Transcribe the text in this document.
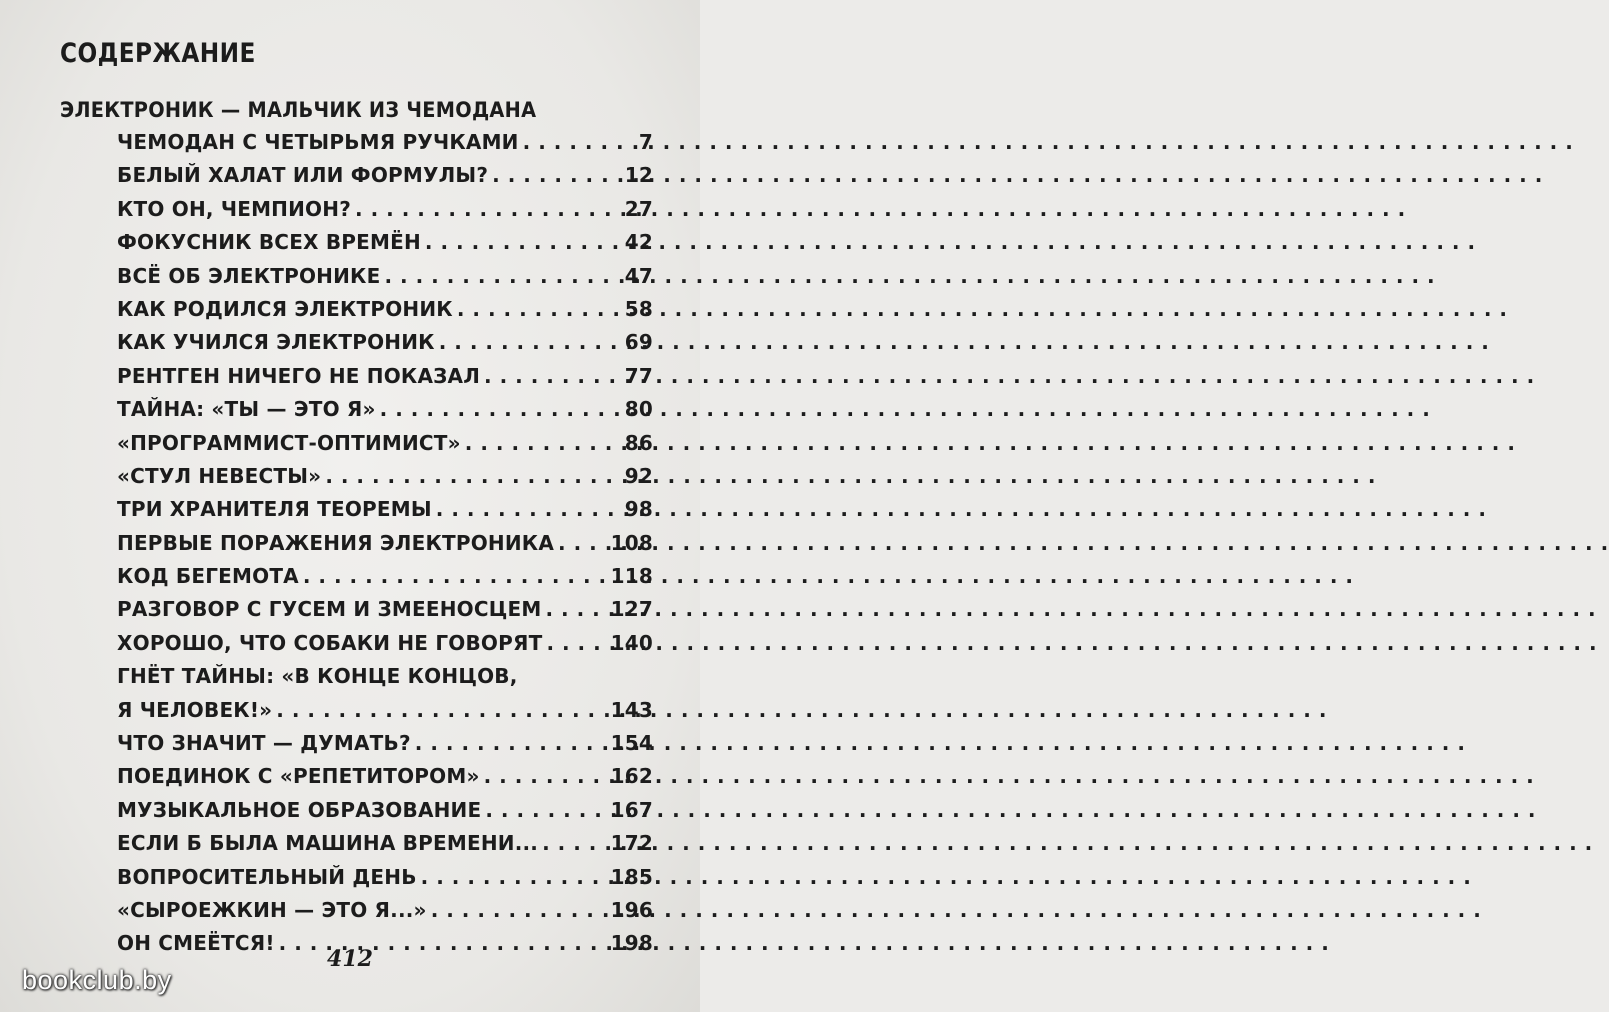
СОДЕРЖАНИЕ
ЭЛЕКТРОНИК — МАЛЬЧИК ИЗ ЧЕМОДАНА
ЧЕМОДАН С ЧЕТЫРЬМЯ РУЧКАМИ . . .	7
БЕЛЫЙ ХАЛАТ ИЛИ ФОРМУЛЫ? . . .	12
КТО ОН, ЧЕМПИОН? . . .	27
ФОКУСНИК ВСЕХ ВРЕМЁН . . .	42
ВСЁ ОБ ЭЛЕКТРОНИКЕ . . .	47
КАК РОДИЛСЯ ЭЛЕКТРОНИК . . .	58
КАК УЧИЛСЯ ЭЛЕКТРОНИК . . .	69
РЕНТГЕН НИЧЕГО НЕ ПОКАЗАЛ . . .	77
ТАЙНА: «ТЫ — ЭТО Я» . . .	80
«ПРОГРАММИСТ-ОПТИМИСТ» . . .	86
«СТУЛ НЕВЕСТЫ» . . .	92
ТРИ ХРАНИТЕЛЯ ТЕОРЕМЫ . . .	98
ПЕРВЫЕ ПОРАЖЕНИЯ ЭЛЕКТРОНИКА . . .	108
КОД БЕГЕМОТА . . .	118
РАЗГОВОР С ГУСЕМ И ЗМЕЕНОСЦЕМ . . .	127
ХОРОШО, ЧТО СОБАКИ НЕ ГОВОРЯТ . . .	140
ГНЁТ ТАЙНЫ: «В КОНЦЕ КОНЦОВ,
Я ЧЕЛОВЕК!» . . .	143
ЧТО ЗНАЧИТ — ДУМАТЬ? . . .	154
ПОЕДИНОК С «РЕПЕТИТОРОМ» . . .	162
МУЗЫКАЛЬНОЕ ОБРАЗОВАНИЕ . . .	167
ЕСЛИ Б БЫЛА МАШИНА ВРЕМЕНИ... . . .	172
ВОПРОСИТЕЛЬНЫЙ ДЕНЬ . . .	185
«СЫРОЕЖКИН — ЭТО Я...» . . .	196
ОН СМЕЁТСЯ! . . .	198
412
bookclub.by
